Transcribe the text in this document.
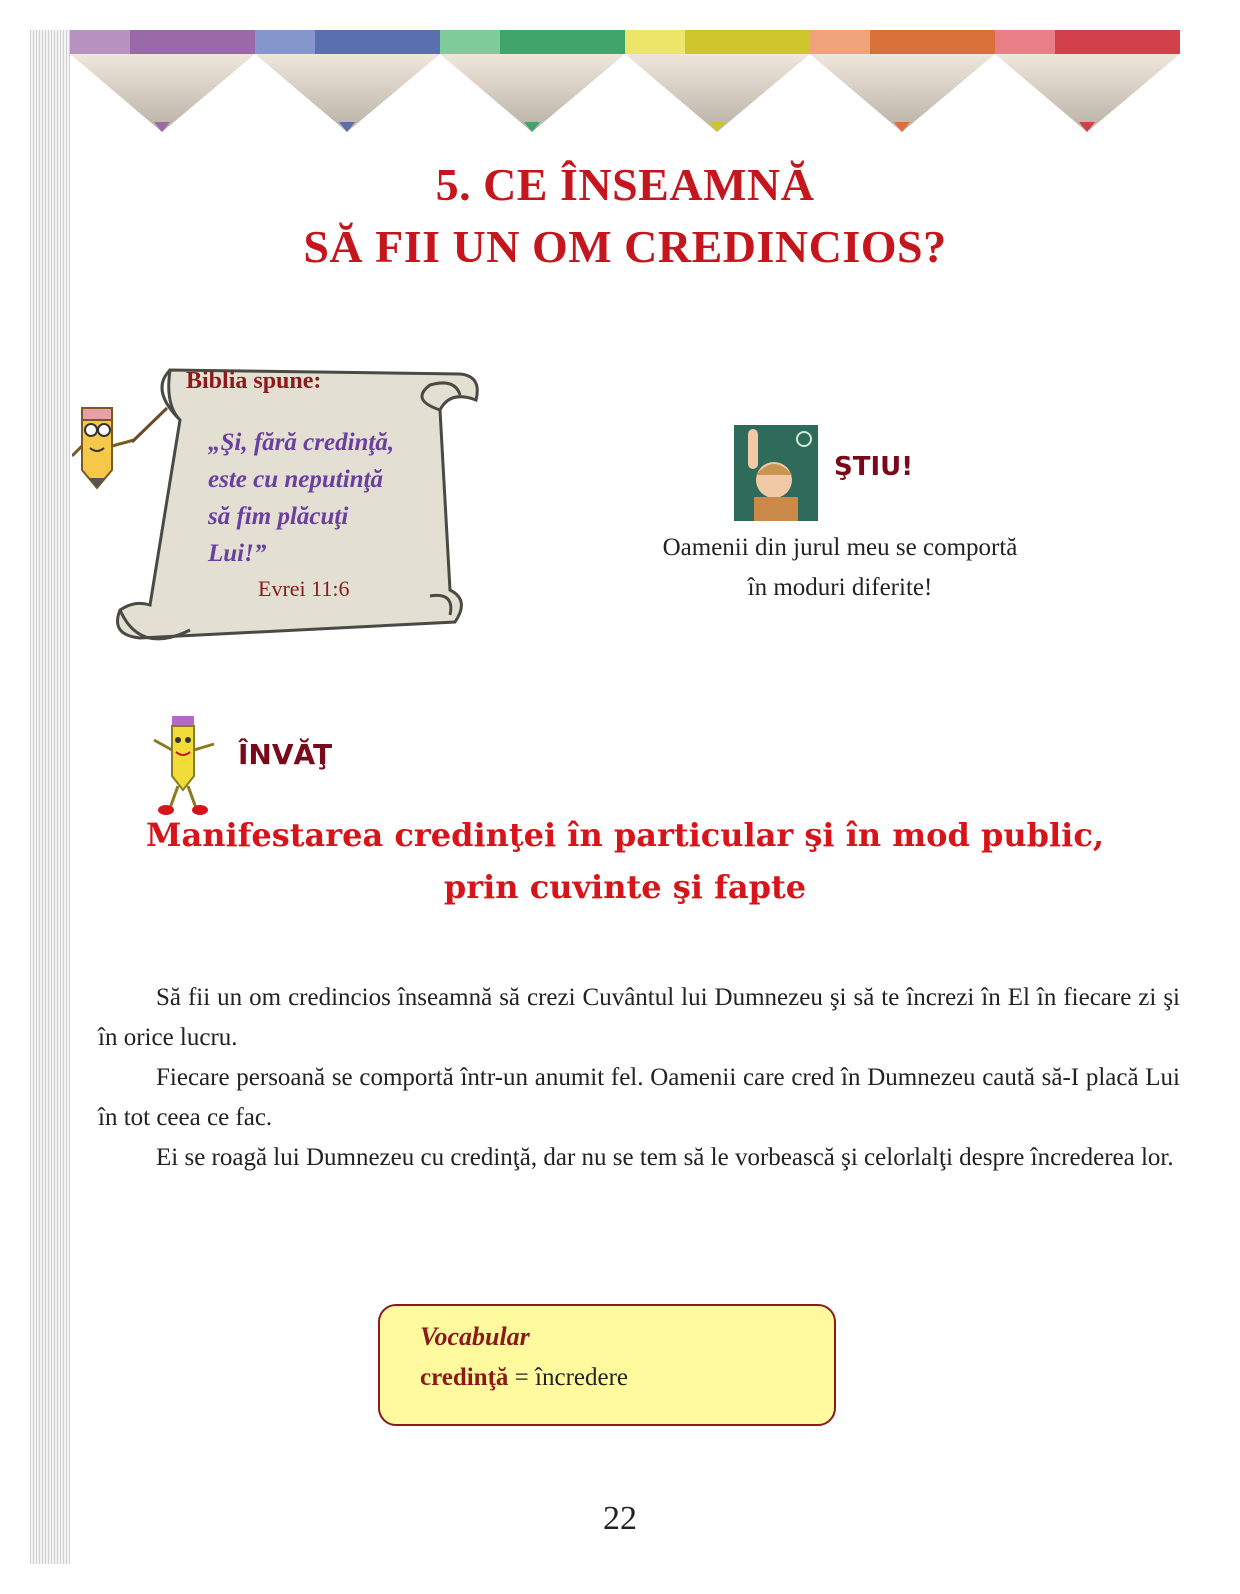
5. CE ÎNSEAMNĂ
SĂ FII UN OM CREDINCIOS?

Biblia spune:

„Şi, fără credinţă,
este cu neputinţă
să fim plăcuţi
Lui!”

Evrei 11:6
ŞTIU!
Oamenii din jurul meu se comportă
în moduri diferite!
ÎNVĂŢ
Manifestarea credinţei în particular şi în mod public,
prin cuvinte şi fapte

Să fii un om credincios înseamnă să crezi Cuvântul lui Dumnezeu şi să te încrezi în El în fiecare zi şi în orice lucru.

Fiecare persoană se comportă într-un anumit fel. Oamenii care cred în Dumnezeu caută să-I placă Lui în tot ceea ce fac.

Ei se roagă lui Dumnezeu cu credinţă, dar nu se tem să le vorbească şi celorlalţi despre încrederea lor.

Vocabular

credinţă = încredere
22
